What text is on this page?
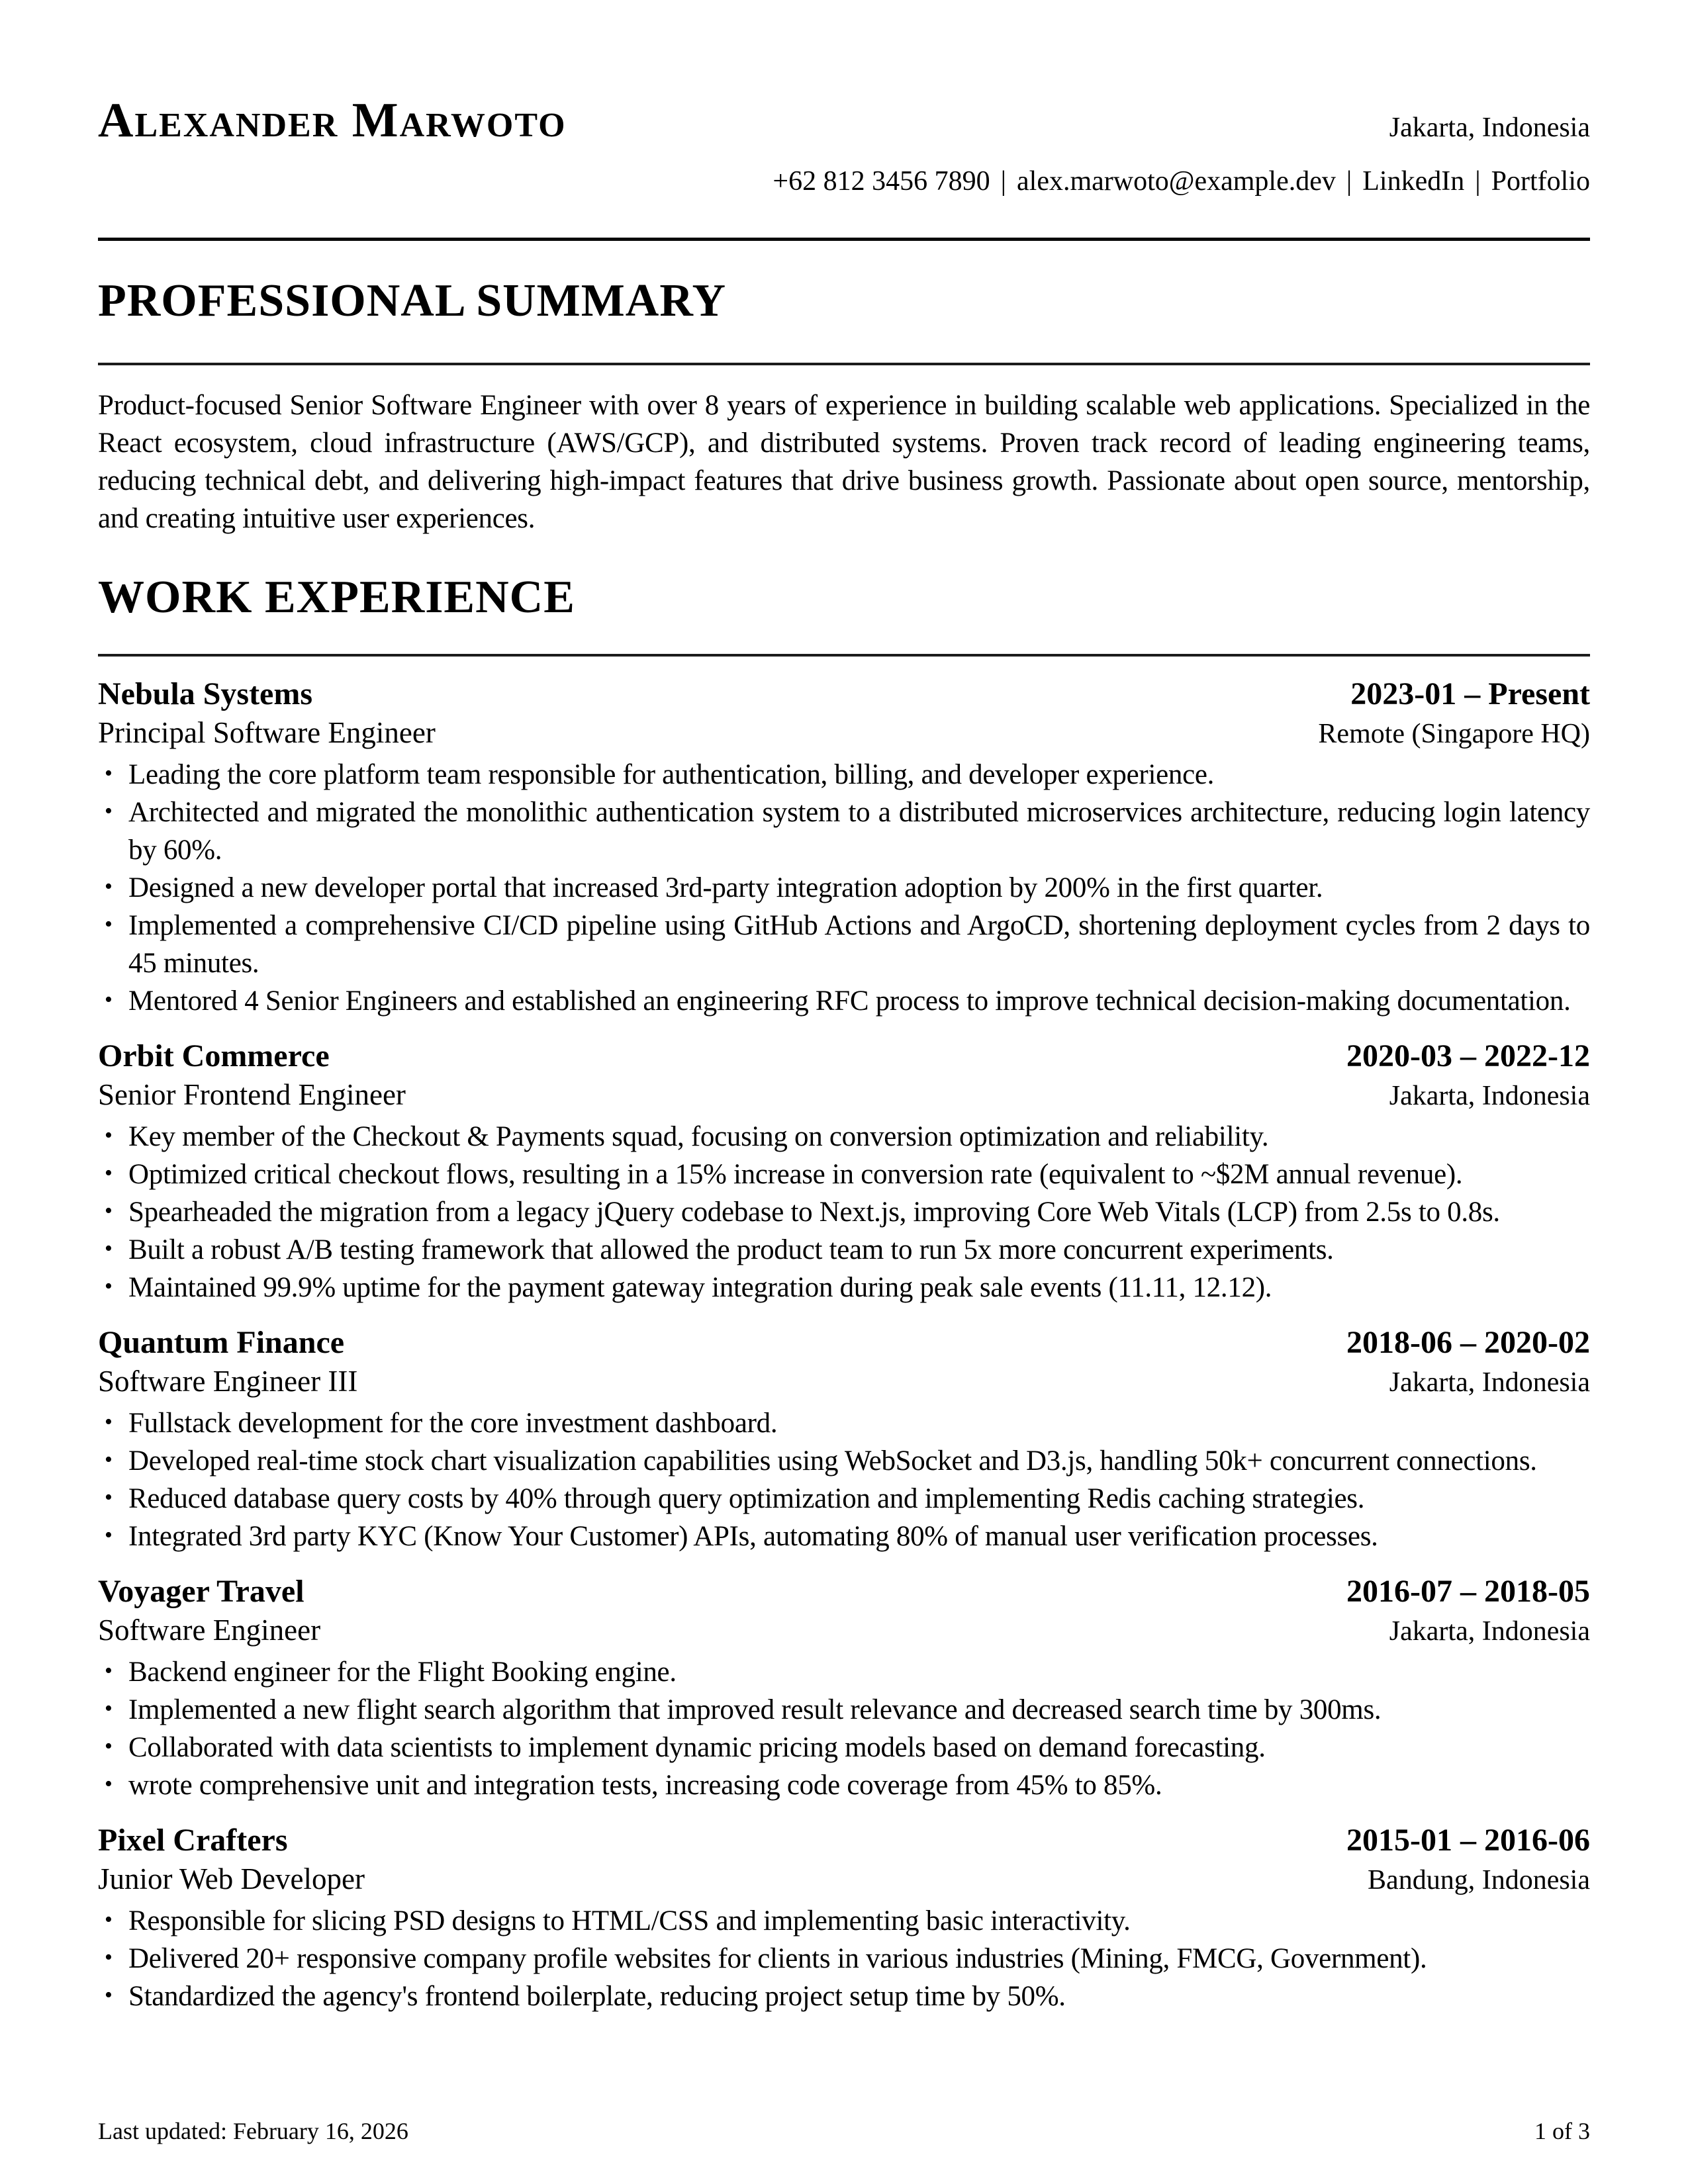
Alexander Marwoto	Jakarta, Indonesia
+62 812 3456 7890 | alex.marwoto@example.dev | LinkedIn | Portfolio
PROFESSIONAL SUMMARY

Product-focused Senior Software Engineer with over 8 years of experience in building scalable web applications. Specialized in the React ecosystem, cloud infrastructure (AWS/GCP), and distributed systems. Proven track record of leading engineering teams, reducing technical debt, and delivering high-impact features that drive business growth. Passionate about open source, mentorship, and creating intuitive user experiences.

WORK EXPERIENCE
Nebula Systems	2023-01 – Present
Principal Software Engineer	Remote (Singapore HQ)
• Leading the core platform team responsible for authentication, billing, and developer experience.
• Architected and migrated the monolithic authentication system to a distributed microservices architecture, reducing login latency by 60%.
• Designed a new developer portal that increased 3rd-party integration adoption by 200% in the first quarter.
• Implemented a comprehensive CI/CD pipeline using GitHub Actions and ArgoCD, shortening deployment cycles from 2 days to 45 minutes.
• Mentored 4 Senior Engineers and established an engineering RFC process to improve technical decision-making documentation.
Orbit Commerce	2020-03 – 2022-12
Senior Frontend Engineer	Jakarta, Indonesia
• Key member of the Checkout & Payments squad, focusing on conversion optimization and reliability.
• Optimized critical checkout flows, resulting in a 15% increase in conversion rate (equivalent to ~$2M annual revenue).
• Spearheaded the migration from a legacy jQuery codebase to Next.js, improving Core Web Vitals (LCP) from 2.5s to 0.8s.
• Built a robust A/B testing framework that allowed the product team to run 5x more concurrent experiments.
• Maintained 99.9% uptime for the payment gateway integration during peak sale events (11.11, 12.12).
Quantum Finance	2018-06 – 2020-02
Software Engineer III	Jakarta, Indonesia
• Fullstack development for the core investment dashboard.
• Developed real-time stock chart visualization capabilities using WebSocket and D3.js, handling 50k+ concurrent connections.
• Reduced database query costs by 40% through query optimization and implementing Redis caching strategies.
• Integrated 3rd party KYC (Know Your Customer) APIs, automating 80% of manual user verification processes.
Voyager Travel	2016-07 – 2018-05
Software Engineer	Jakarta, Indonesia
• Backend engineer for the Flight Booking engine.
• Implemented a new flight search algorithm that improved result relevance and decreased search time by 300ms.
• Collaborated with data scientists to implement dynamic pricing models based on demand forecasting.
• wrote comprehensive unit and integration tests, increasing code coverage from 45% to 85%.
Pixel Crafters	2015-01 – 2016-06
Junior Web Developer	Bandung, Indonesia
• Responsible for slicing PSD designs to HTML/CSS and implementing basic interactivity.
• Delivered 20+ responsive company profile websites for clients in various industries (Mining, FMCG, Government).
• Standardized the agency's frontend boilerplate, reducing project setup time by 50%.
Last updated: February 16, 2026	1 of 3
